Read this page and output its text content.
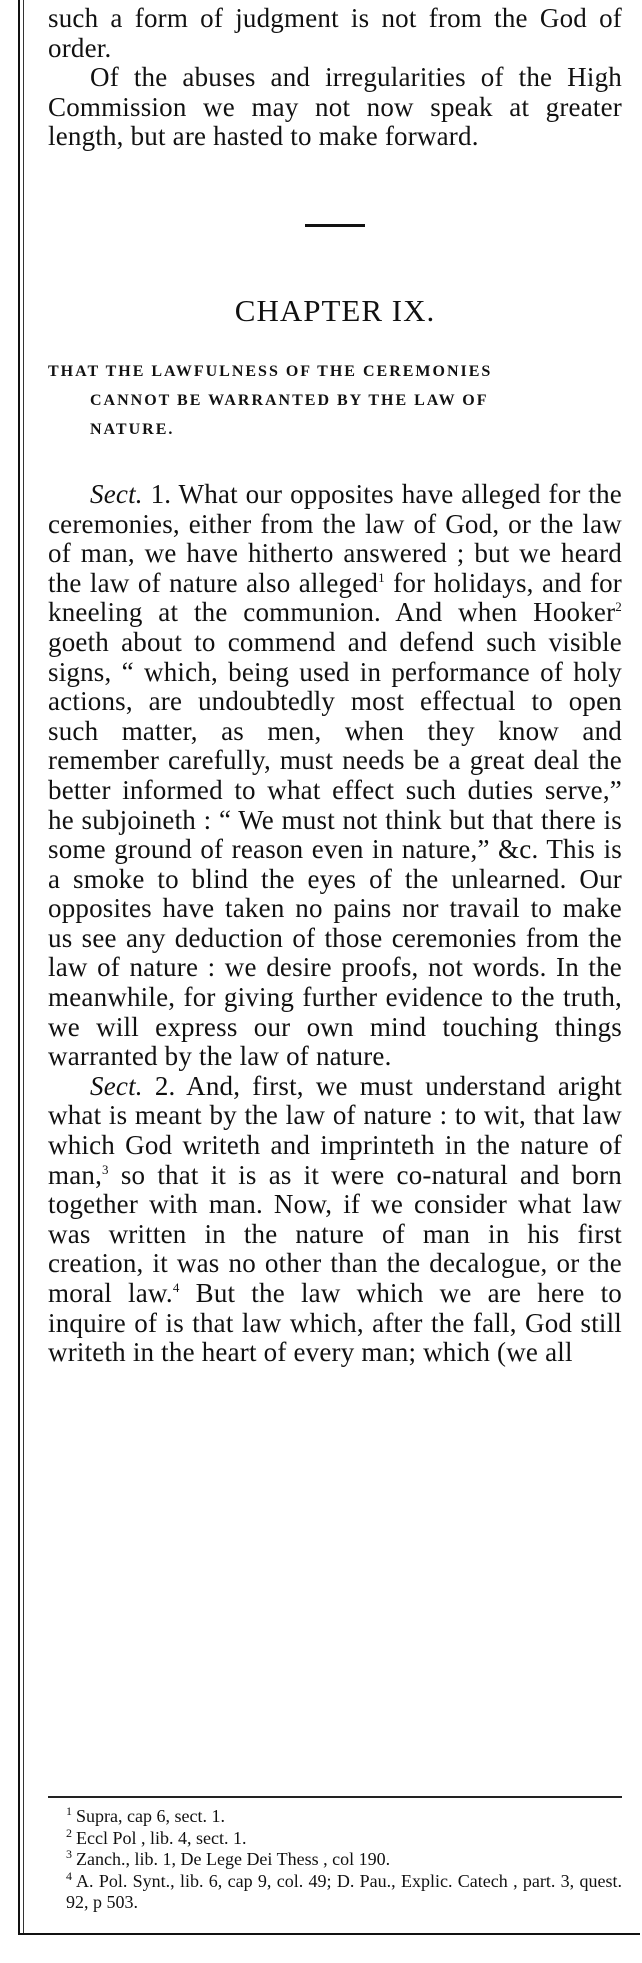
such a form of judgment is not from the God of order.

Of the abuses and irregularities of the High Commission we may not now speak at greater length, but are hasted to make forward.

CHAPTER IX.
THAT THE LAWFULNESS OF THE CEREMONIES
CANNOT BE WARRANTED BY THE LAW OF
NATURE.

Sect. 1. What our opposites have alleged for the ceremonies, either from the law of God, or the law of man, we have hitherto answered ; but we heard the law of nature also alleged$^1$ for holidays, and for kneeling at the communion. And when Hooker$^2$ goeth about to commend and defend such visible signs, “ which, being used in performance of holy actions, are undoubtedly most effectual to open such matter, as men, when they know and remember carefully, must needs be a great deal the better informed to what effect such duties serve,” he subjoineth : “ We must not think but that there is some ground of reason even in nature,” &c. This is a smoke to blind the eyes of the unlearned. Our opposites have taken no pains nor travail to make us see any deduction of those ceremonies from the law of nature : we desire proofs, not words. In the meanwhile, for giving further evidence to the truth, we will express our own mind touching things warranted by the law of nature.

Sect. 2. And, first, we must understand aright what is meant by the law of nature : to wit, that law which God writeth and imprinteth in the nature of man,$^3$ so that it is as it were co-natural and born together with man. Now, if we consider what law was written in the nature of man in his first creation, it was no other than the decalogue, or the moral law.$^4$ But the law which we are here to inquire of is that law which, after the fall, God still writeth in the heart of every man; which (we all

$^1$ Supra, cap 6, sect. 1.

$^2$ Eccl Pol , lib. 4, sect. 1.

$^3$ Zanch., lib. 1, De Lege Dei Thess , col 190.

$^4$ A. Pol. Synt., lib. 6, cap 9, col. 49; D. Pau., Explic. Catech , part. 3, quest. 92, p 503.
